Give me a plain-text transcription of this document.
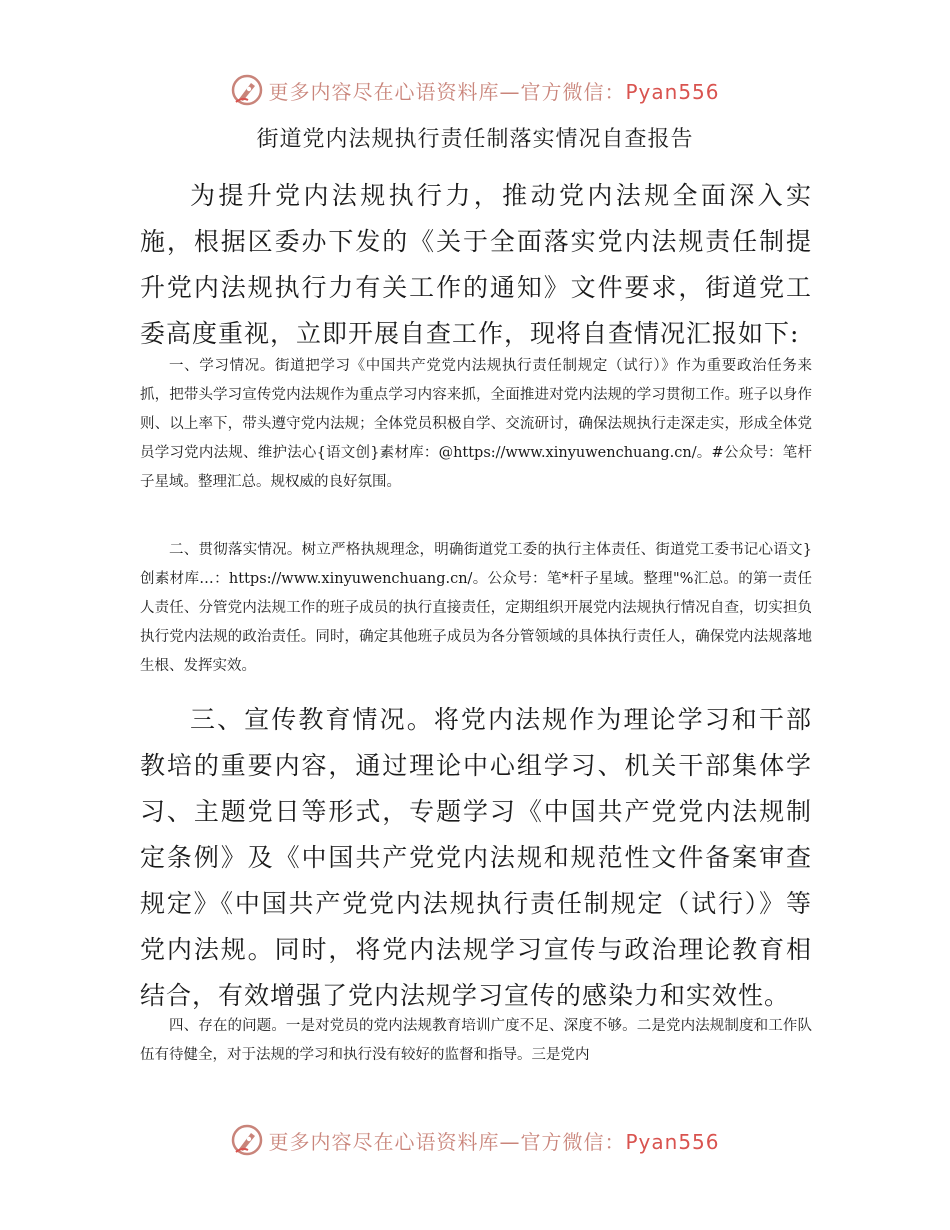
更多内容尽在心语资料库—官方微信：Pyan556
街道党内法规执行责任制落实情况自查报告

为提升党内法规执行力，推动党内法规全面深入实施，根据区委办下发的《关于全面落实党内法规责任制提升党内法规执行力有关工作的通知》文件要求，街道党工委高度重视，立即开展自查工作，现将自查情况汇报如下:

一、学习情况。街道把学习《中国共产党党内法规执行责任制规定（试行）》作为重要政治任务来抓，把带头学习宣传党内法规作为重点学习内容来抓，全面推进对党内法规的学习贯彻工作。班子以身作则、以上率下，带头遵守党内法规；全体党员积极自学、交流研讨，确保法规执行走深走实，形成全体党员学习党内法规、维护法心{语文创}素材库：@https://www.xinyuwenchuang.cn/。#公众号：笔杆子星域。整理汇总。规权威的良好氛围。

二、贯彻落实情况。树立严格执规理念，明确街道党工委的执行主体责任、街道党工委书记心语文}创素材库…：https://www.xinyuwenchuang.cn/。公众号：笔*杆子星域。整理"%汇总。的第一责任人责任、分管党内法规工作的班子成员的执行直接责任，定期组织开展党内法规执行情况自查，切实担负执行党内法规的政治责任。同时，确定其他班子成员为各分管领域的具体执行责任人，确保党内法规落地生根、发挥实效。

三、宣传教育情况。将党内法规作为理论学习和干部教培的重要内容，通过理论中心组学习、机关干部集体学习、主题党日等形式，专题学习《中国共产党党内法规制定条例》及《中国共产党党内法规和规范性文件备案审查规定》《中国共产党党内法规执行责任制规定（试行）》等党内法规。同时，将党内法规学习宣传与政治理论教育相结合，有效增强了党内法规学习宣传的感染力和实效性。

四、存在的问题。一是对党员的党内法规教育培训广度不足、深度不够。二是党内法规制度和工作队伍有待健全，对于法规的学习和执行没有较好的监督和指导。三是党内

更多内容尽在心语资料库—官方微信：Pyan556
